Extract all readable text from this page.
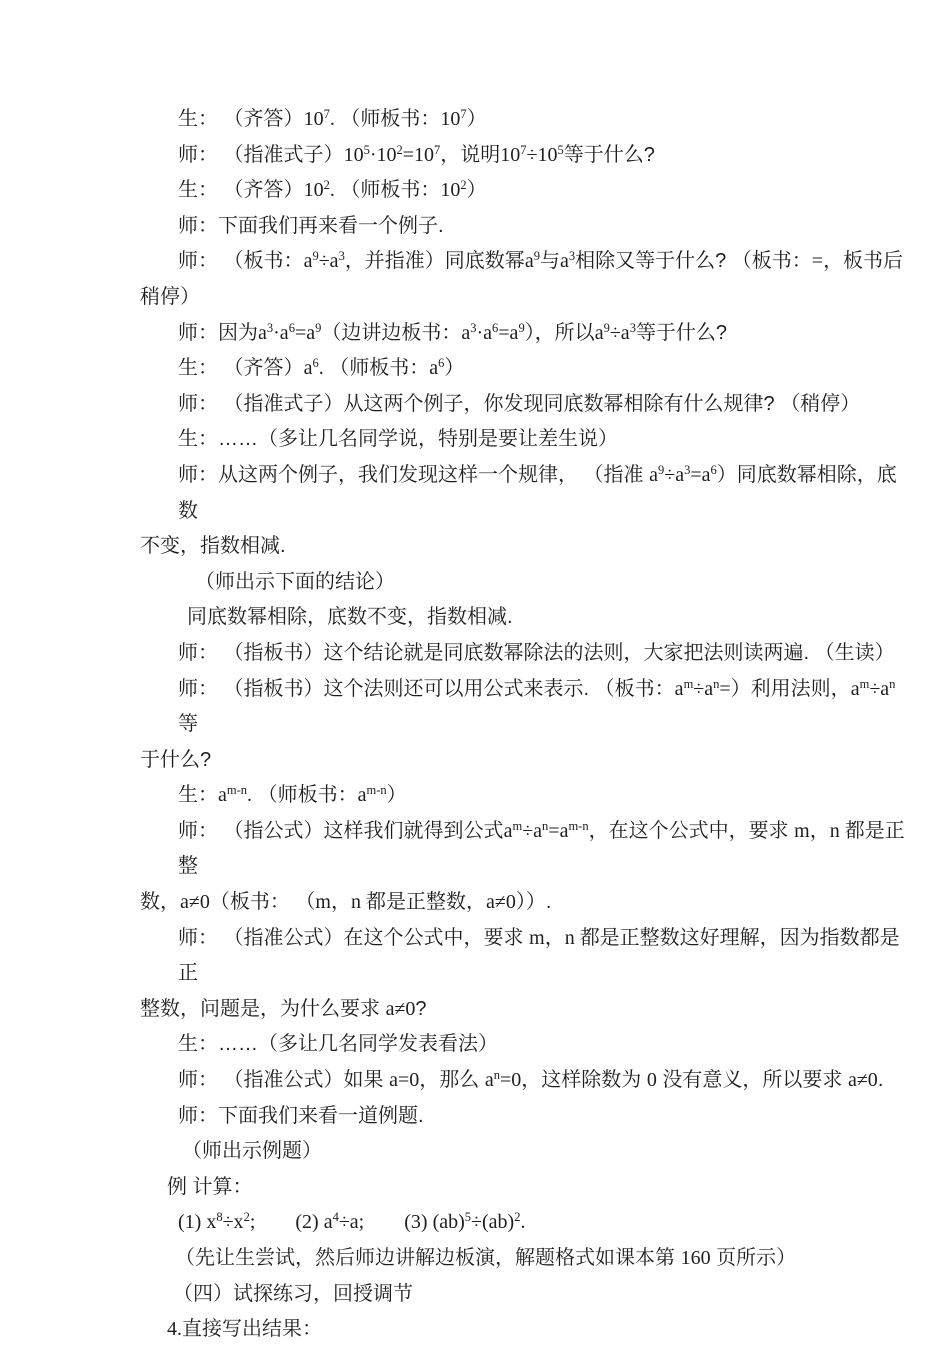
生： （齐答）$10^7$. （师板书：$10^7$）

师： （指准式子）$10^5\cdot 10^2=10^7$，说明$10^7\div 10^5$等于什么?

生： （齐答）$10^2$. （师板书：$10^2$）

师：下面我们再来看一个例子.

师： （板书：$a^9\div a^3$，并指准）同底数幂$a^9$与$a^3$相除又等于什么? （板书：=，板书后

稍停）

师：因为$a^3\cdot a^6=a^9$（边讲边板书：$a^3\cdot a^6=a^9$），所以$a^9\div a^3$等于什么?

生： （齐答）$a^6$. （师板书：$a^6$）

师： （指准式子）从这两个例子，你发现同底数幂相除有什么规律? （稍停）

生：……（多让几名同学说，特别是要让差生说）

师：从这两个例子，我们发现这样一个规律， （指准 $a^9\div a^3=a^6$）同底数幂相除，底数

不变，指数相减.

（师出示下面的结论）

同底数幂相除，底数不变，指数相减.

师： （指板书）这个结论就是同底数幂除法的法则，大家把法则读两遍. （生读）

师： （指板书）这个法则还可以用公式来表示. （板书：$a^m\div a^n=$）利用法则，$a^m\div a^n$等

于什么?

生：$a^{m-n}$. （师板书：$a^{m-n}$）

师： （指公式）这样我们就得到公式$a^m\div a^n=a^{m-n}$，在这个公式中，要求 m，n 都是正整

数，a≠0（板书： （m，n 都是正整数，a≠0））.

师： （指准公式）在这个公式中，要求 m，n 都是正整数这好理解，因为指数都是正

整数，问题是，为什么要求 a≠0?

生：……（多让几名同学发表看法）

师： （指准公式）如果 a=0，那么 $a^n=0$，这样除数为 0 没有意义，所以要求 a≠0.

师：下面我们来看一道例题.

（师出示例题）

例 计算：

(1) $x^8\div x^2$;　　 (2) $a^4\div a$;　　 (3) (ab)$^5$÷(ab)$^2$.

（先让生尝试，然后师边讲解边板演，解题格式如课本第 160 页所示）

（四）试探练习，回授调节

4.直接写出结果：
